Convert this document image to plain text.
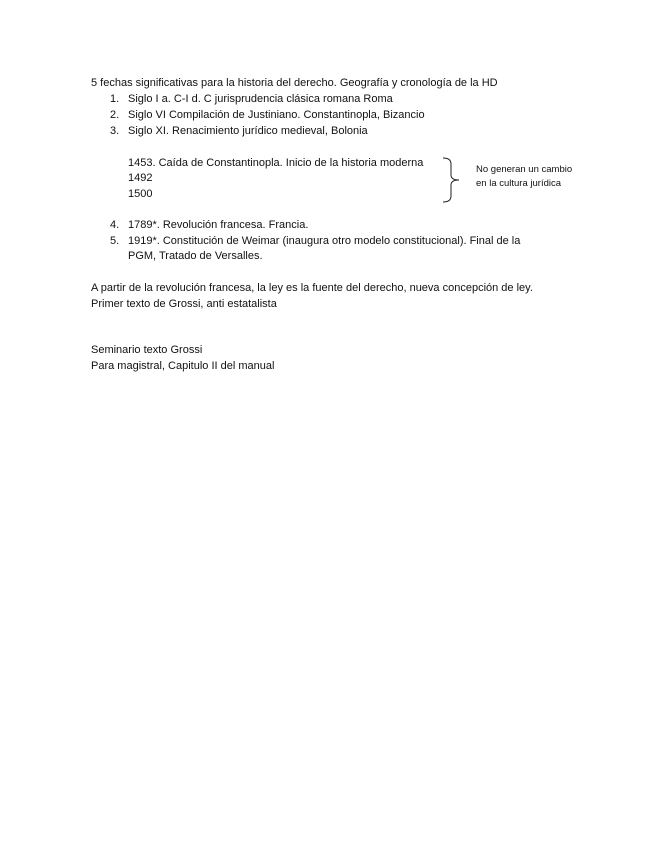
5 fechas significativas para la historia del derecho. Geografía y cronología de la HD
1. Siglo I a. C-I d. C jurisprudencia clásica romana Roma
2. Siglo VI Compilación de Justiniano. Constantinopla, Bizancio
3. Siglo XI. Renacimiento jurídico medieval, Bolonia
1453. Caída de Constantinopla. Inicio de la historia moderna
1492
1500
No generan un cambio
en la cultura jurídica
4. 1789*. Revolución francesa. Francia.
5. 1919*. Constitución de Weimar (inaugura otro modelo constitucional). Final de la
PGM, Tratado de Versalles.
A partir de la revolución francesa, la ley es la fuente del derecho, nueva concepción de ley.
Primer texto de Grossi, anti estatalista
Seminario texto Grossi
Para magistral, Capitulo II del manual
